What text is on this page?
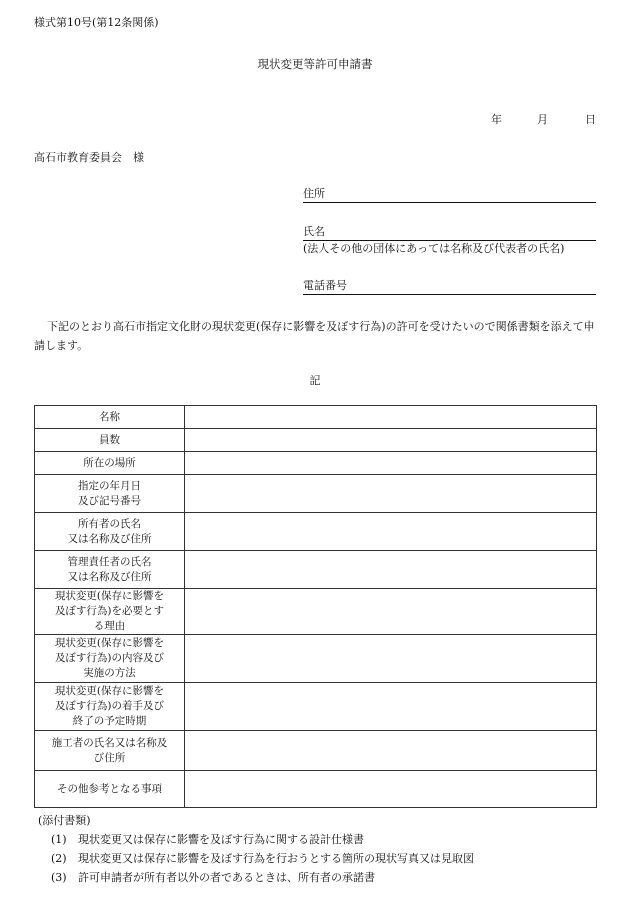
様式第10号(第12条関係)
現状変更等許可申請書
年	月	日
高石市教育委員会　様
住所
氏名
(法人その他の団体にあっては名称及び代表者の氏名)
電話番号
下記のとおり高石市指定文化財の現状変更(保存に影響を及ぼす行為)の許可を受けたいので関係書類を添えて申請します。
記
名称	

員数	

所在の場所	

指定の年月日
及び記号番号	

所有者の氏名
又は名称及び住所	

管理責任者の氏名
又は名称及び住所	

現状変更(保存に影響を
及ぼす行為)を必要とす
る理由	

現状変更(保存に影響を
及ぼす行為)の内容及び
実施の方法	

現状変更(保存に影響を
及ぼす行為)の着手及び
終了の予定時期	

施工者の氏名又は名称及
び住所	

その他参考となる事項	

(添付書類)
(1) 現状変更又は保存に影響を及ぼす行為に関する設計仕様書
(2) 現状変更又は保存に影響を及ぼす行為を行おうとする箇所の現状写真又は見取図
(3) 許可申請者が所有者以外の者であるときは、所有者の承諾書
